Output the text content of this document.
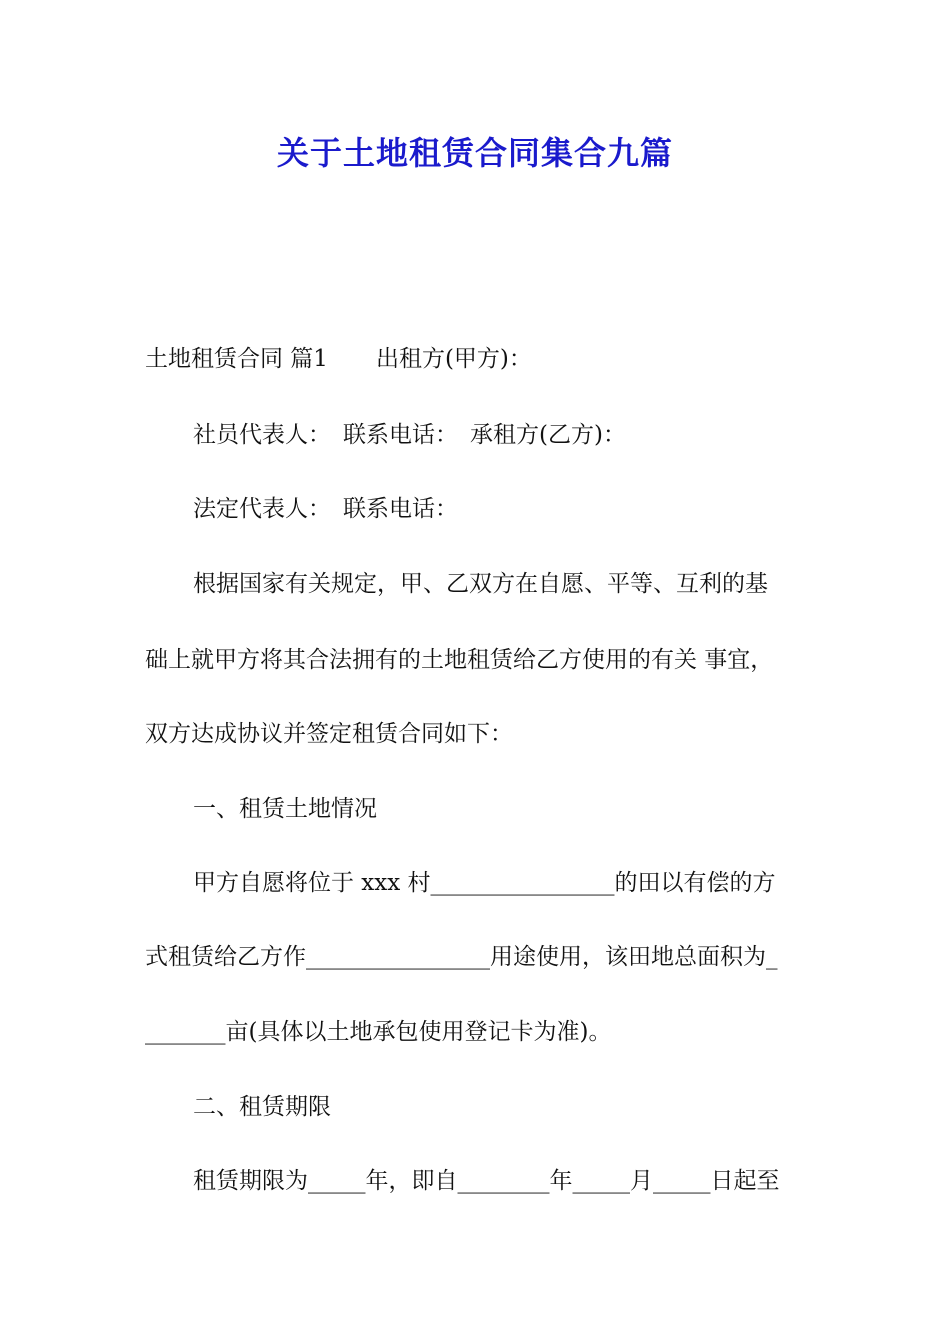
关于土地租赁合同集合九篇
土地租赁合同 篇1 出租方(甲方)：
社员代表人： 联系电话： 承租方(乙方)：
法定代表人： 联系电话：
根据国家有关规定，甲、乙双方在自愿、平等、互利的基
础上就甲方将其合法拥有的土地租赁给乙方使用的有关 事宜，
双方达成协议并签定租赁合同如下：
一、租赁土地情况
甲方自愿将位于 xxx 村________________的田以有偿的方
式租赁给乙方作________________用途使用，该田地总面积为_
_______亩(具体以土地承包使用登记卡为准)。
二、租赁期限
租赁期限为_____年，即自________年_____月_____日起至
